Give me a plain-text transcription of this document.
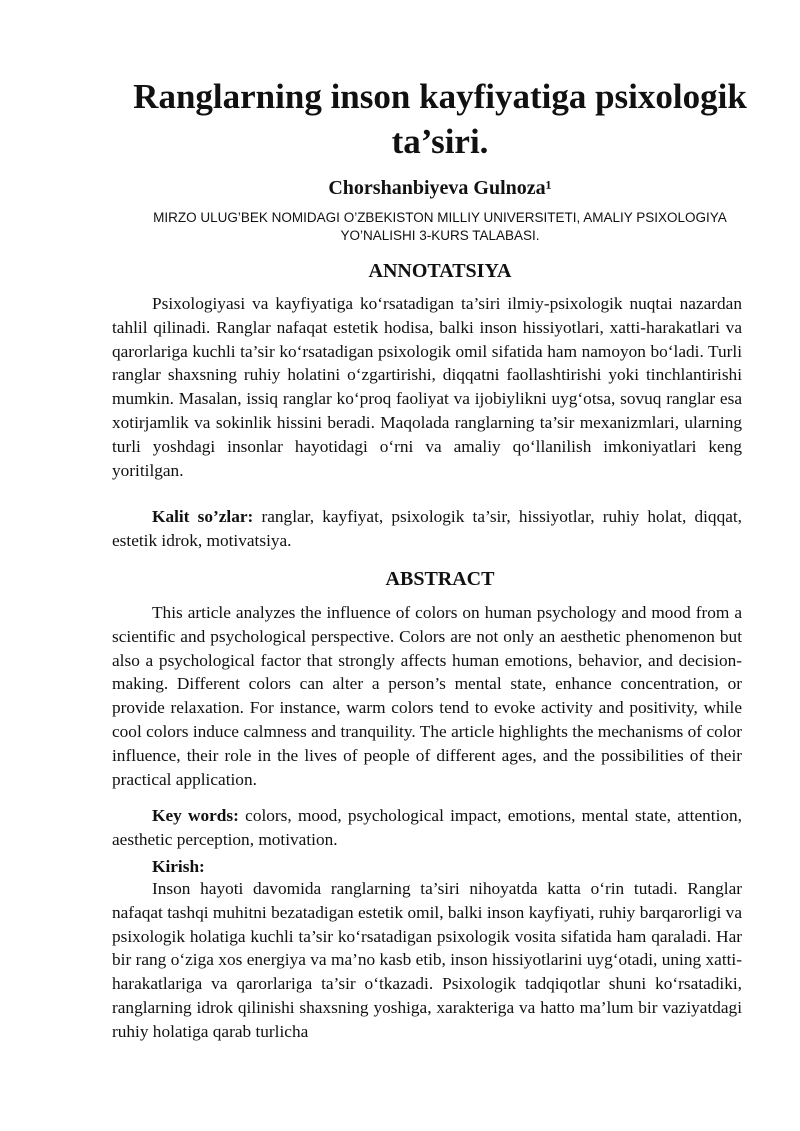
Ranglarning inson kayfiyatiga psixologik ta’siri.
Chorshanbiyeva Gulnoza¹
MIRZO ULUG’BEK NOMIDAGI O’ZBEKISTON MILLIY UNIVERSITETI, AMALIY PSIXOLOGIYA YO’NALISHI 3-KURS TALABASI.
ANNOTATSIYA
Psixologiyasi va kayfiyatiga ko‘rsatadigan ta’siri ilmiy-psixologik nuqtai nazardan tahlil qilinadi. Ranglar nafaqat estetik hodisa, balki inson hissiyotlari, xatti-harakatlari va qarorlariga kuchli ta’sir ko‘rsatadigan psixologik omil sifatida ham namoyon bo‘ladi. Turli ranglar shaxsning ruhiy holatini o‘zgartirishi, diqqatni faollashtirishi yoki tinchlantirishi mumkin. Masalan, issiq ranglar ko‘proq faoliyat va ijobiylikni uyg‘otsa, sovuq ranglar esa xotirjamlik va sokinlik hissini beradi. Maqolada ranglarning ta’sir mexanizmlari, ularning turli yoshdagi insonlar hayotidagi o‘rni va amaliy qo‘llanilish imkoniyatlari keng yoritilgan.
Kalit so’zlar: ranglar, kayfiyat, psixologik ta’sir, hissiyotlar, ruhiy holat, diqqat, estetik idrok, motivatsiya.
ABSTRACT
This article analyzes the influence of colors on human psychology and mood from a scientific and psychological perspective. Colors are not only an aesthetic phenomenon but also a psychological factor that strongly affects human emotions, behavior, and decision-making. Different colors can alter a person’s mental state, enhance concentration, or provide relaxation. For instance, warm colors tend to evoke activity and positivity, while cool colors induce calmness and tranquility. The article highlights the mechanisms of color influence, their role in the lives of people of different ages, and the possibilities of their practical application.
Key words: colors, mood, psychological impact, emotions, mental state, attention, aesthetic perception, motivation.
Kirish:
Inson hayoti davomida ranglarning ta’siri nihoyatda katta o‘rin tutadi. Ranglar nafaqat tashqi muhitni bezatadigan estetik omil, balki inson kayfiyati, ruhiy barqarorligi va psixologik holatiga kuchli ta’sir ko‘rsatadigan psixologik vosita sifatida ham qaraladi. Har bir rang o‘ziga xos energiya va ma’no kasb etib, inson hissiyotlarini uyg‘otadi, uning xatti-harakatlariga va qarorlariga ta’sir o‘tkazadi. Psixologik tadqiqotlar shuni ko‘rsatadiki, ranglarning idrok qilinishi shaxsning yoshiga, xarakteriga va hatto ma’lum bir vaziyatdagi ruhiy holatiga qarab turlicha
